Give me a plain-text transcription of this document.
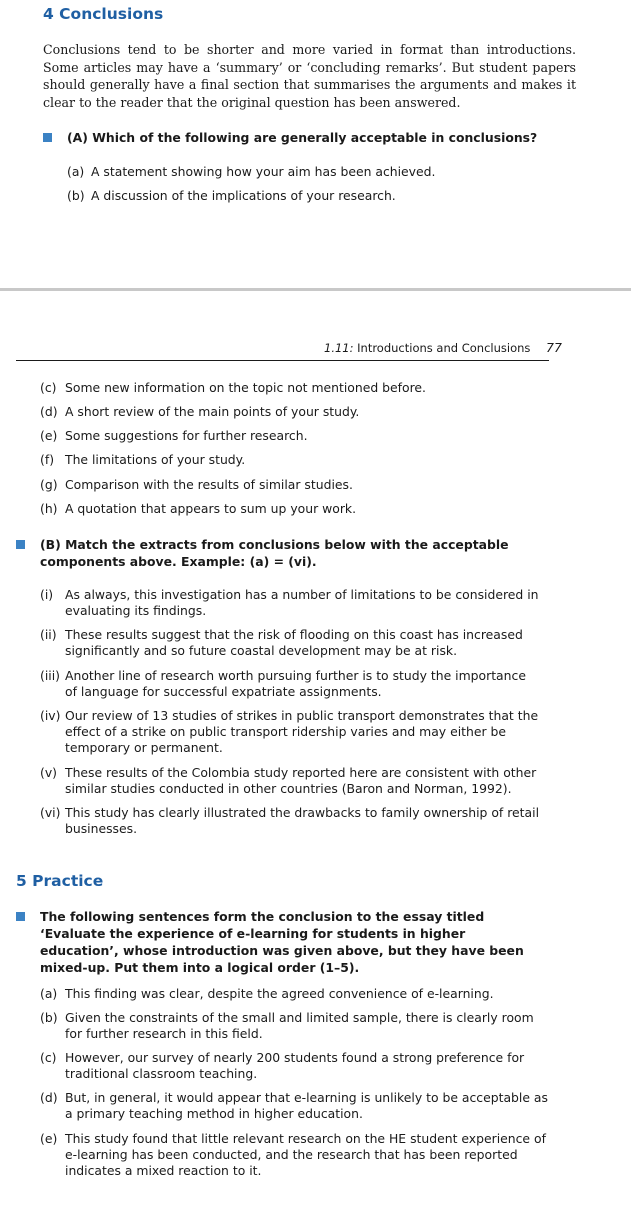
4 Conclusions
Conclusions tend to be shorter and more varied in format than introductions. Some articles may have a ‘summary’ or ‘concluding remarks’. But student papers should generally have a final section that summarises the arguments and makes it clear to the reader that the original question has been answered.
(A) Which of the following are generally acceptable in conclusions?
(a) A statement showing how your aim has been achieved.
(b) A discussion of the implications of your research.
1.11: Introductions and Conclusions 77
(c) Some new information on the topic not mentioned before.
(d) A short review of the main points of your study.
(e) Some suggestions for further research.
(f) The limitations of your study.
(g) Comparison with the results of similar studies.
(h) A quotation that appears to sum up your work.
(B) Match the extracts from conclusions below with the acceptable components above. Example: (a) = (vi).
(i) As always, this investigation has a number of limitations to be considered in evaluating its findings.
(ii) These results suggest that the risk of flooding on this coast has increased significantly and so future coastal development may be at risk.
(iii) Another line of research worth pursuing further is to study the importance of language for successful expatriate assignments.
(iv) Our review of 13 studies of strikes in public transport demonstrates that the effect of a strike on public transport ridership varies and may either be temporary or permanent.
(v) These results of the Colombia study reported here are consistent with other similar studies conducted in other countries (Baron and Norman, 1992).
(vi) This study has clearly illustrated the drawbacks to family ownership of retail businesses.
5 Practice
The following sentences form the conclusion to the essay titled ‘Evaluate the experience of e-learning for students in higher education’, whose introduction was given above, but they have been mixed-up. Put them into a logical order (1–5).
(a) This finding was clear, despite the agreed convenience of e-learning.
(b) Given the constraints of the small and limited sample, there is clearly room for further research in this field.
(c) However, our survey of nearly 200 students found a strong preference for traditional classroom teaching.
(d) But, in general, it would appear that e-learning is unlikely to be acceptable as a primary teaching method in higher education.
(e) This study found that little relevant research on the HE student experience of e-learning has been conducted, and the research that has been reported indicates a mixed reaction to it.
